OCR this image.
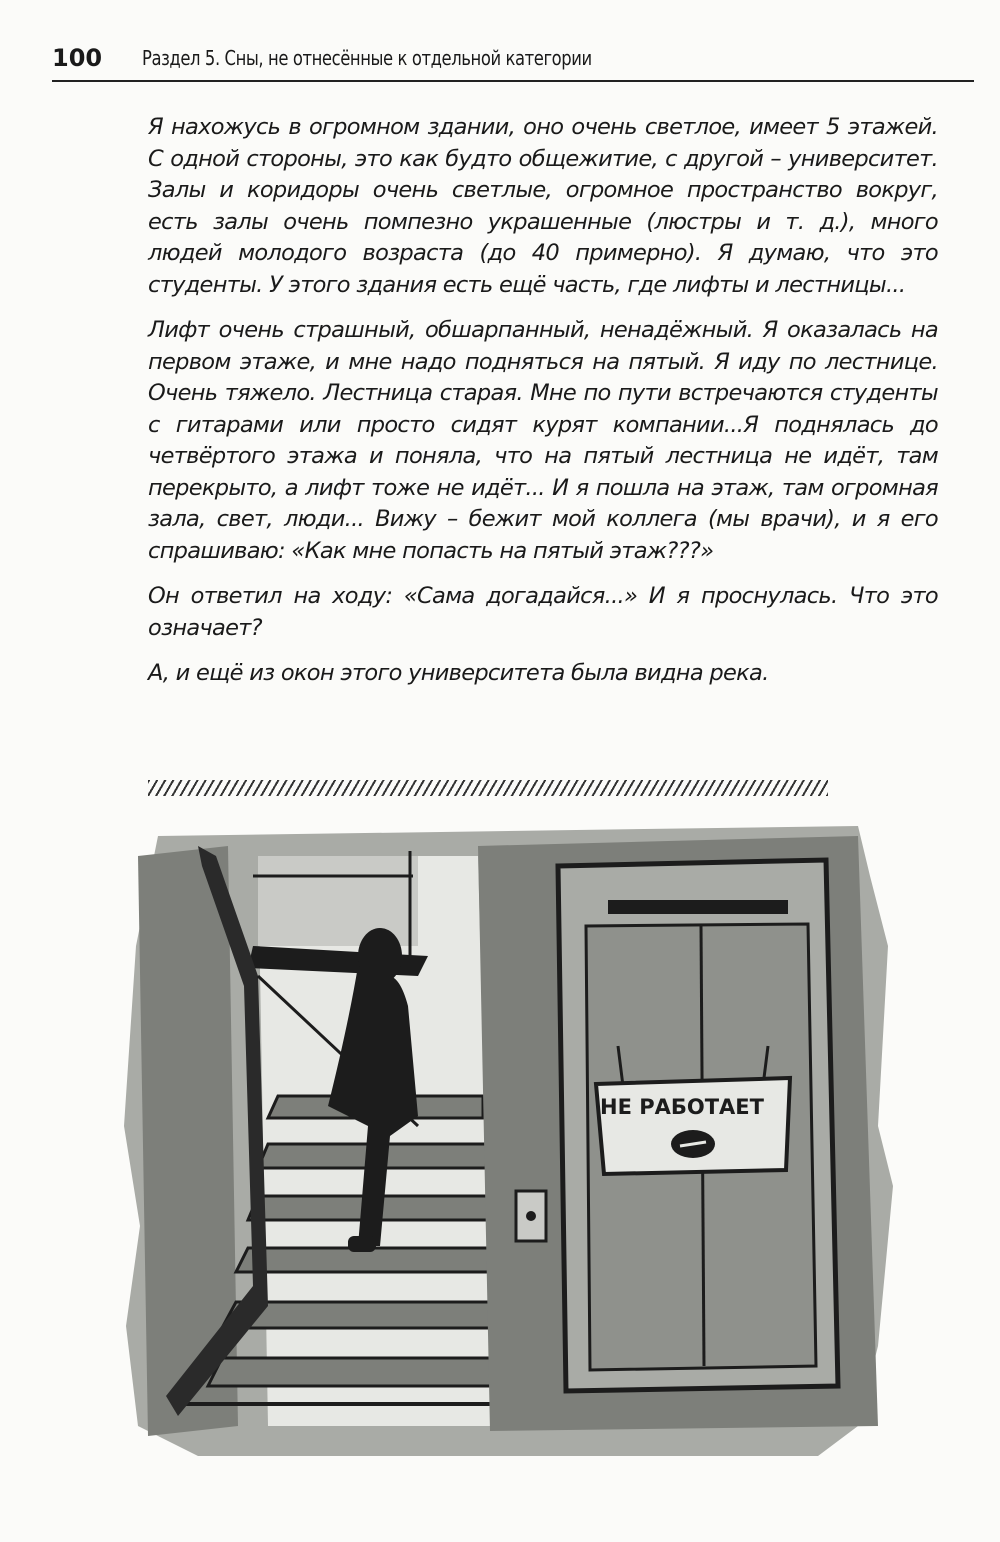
100 Раздел 5. Сны, не отнесённые к отдельной категории

Я нахожусь в огромном здании, оно очень светлое, имеет 5 этажей. С одной стороны, это как будто общежитие, с другой – университет. Залы и коридоры очень светлые, огромное пространство вокруг, есть залы очень помпезно украшенные (люстры и т. д.), много людей молодого возраста (до 40 примерно). Я думаю, что это студенты. У этого здания есть ещё часть, где лифты и лестницы...

Лифт очень страшный, обшарпанный, ненадёжный. Я оказалась на первом этаже, и мне надо подняться на пятый. Я иду по лестнице. Очень тяжело. Лестница старая. Мне по пути встречаются студенты с гитарами или просто сидят курят компании...Я поднялась до четвёртого этажа и поняла, что на пятый лестница не идёт, там перекрыто, а лифт тоже не идёт... И я пошла на этаж, там огромная зала, свет, люди... Вижу – бежит мой коллега (мы врачи), и я его спрашиваю: «Как мне попасть на пятый этаж???»

Он ответил на ходу: «Сама догадайся...» И я проснулась. Что это означает?

А, и ещё из окон этого университета была видна река.

НЕ РАБОТАЕТ
